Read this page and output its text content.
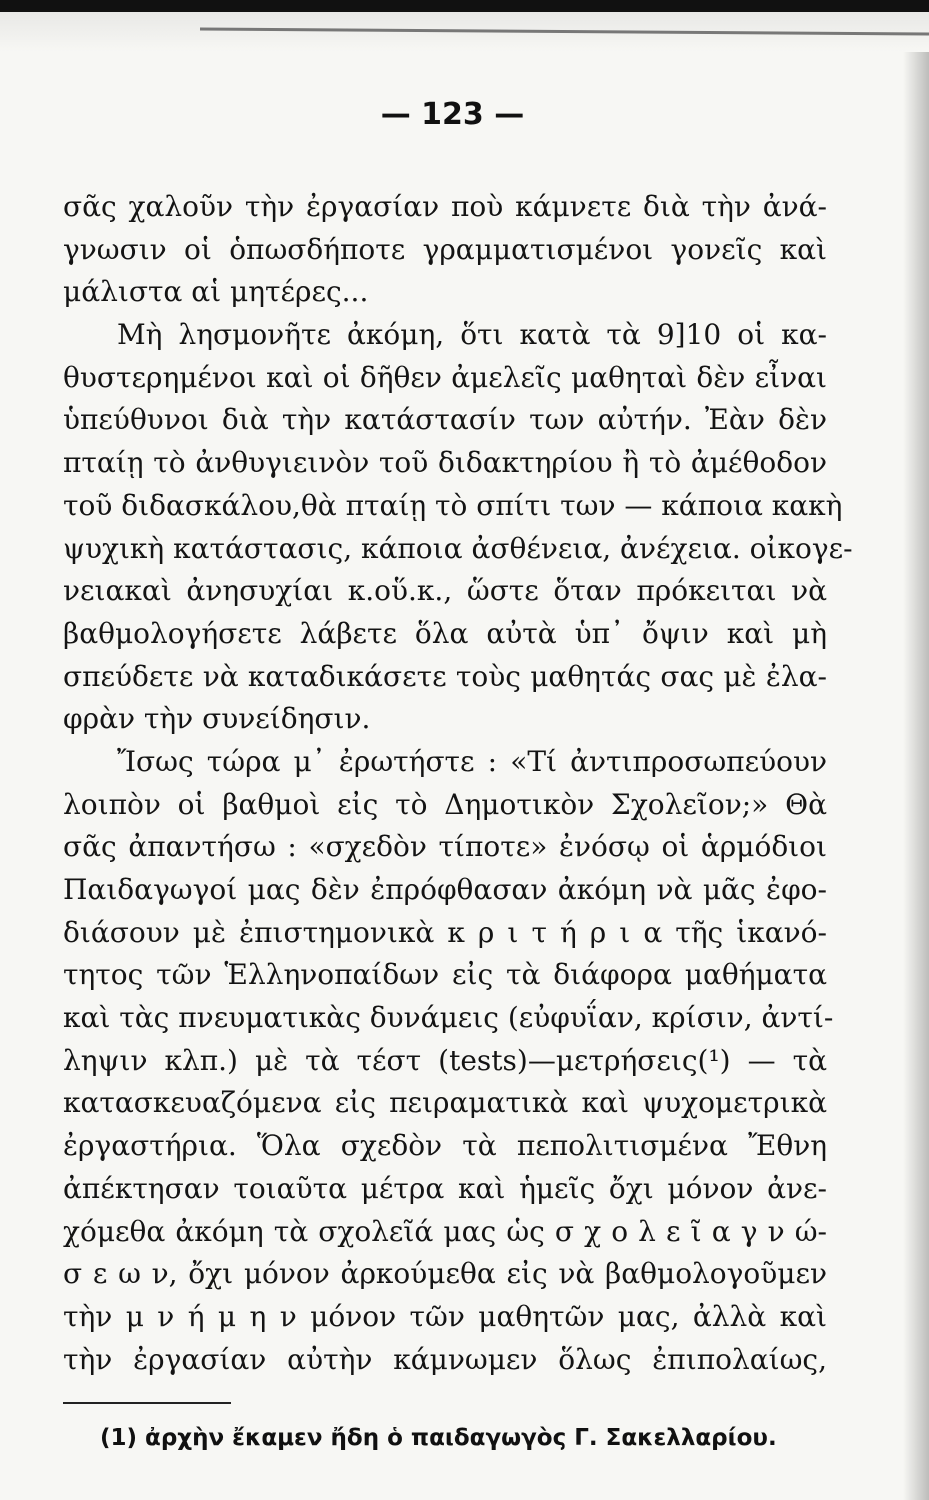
— 123 —
σᾶς χαλοῦν τὴν ἐργασίαν ποὺ κάμνετε διὰ τὴν ἀνά-
γνωσιν οἱ ὁπωσδήποτε γραμματισμένοι γονεῖς καὶ
μάλιστα αἱ μητέρες...
Μὴ λησμονῆτε ἀκόμη, ὅτι κατὰ τὰ 9]10 οἱ κα-
θυστερημένοι καὶ οἱ δῆθεν ἀμελεῖς μαθηταὶ δὲν εἶναι
ὑπεύθυνοι διὰ τὴν κατάστασίν των αὐτήν. Ἐὰν δὲν
πταίῃ τὸ ἀνθυγιεινὸν τοῦ διδακτηρίου ἢ τὸ ἀμέθοδον
τοῦ διδασκάλου,θὰ πταίῃ τὸ σπίτι των — κάποια κακὴ
ψυχικὴ κατάστασις, κάποια ἀσθένεια, ἀνέχεια. οἰκογε-
νειακαὶ ἀνησυχίαι κ.οὕ.κ., ὥστε ὅταν πρόκειται νὰ
βαθμολογήσετε λάβετε ὅλα αὐτὰ ὑπ᾽ ὄψιν καὶ μὴ
σπεύδετε νὰ καταδικάσετε τοὺς μαθητάς σας μὲ ἐλα-
φρὰν τὴν συνείδησιν.
Ἴσως τώρα μ᾽ ἐρωτήστε : «Τί ἀντιπροσωπεύουν
λοιπὸν οἱ βαθμοὶ εἰς τὸ Δημοτικὸν Σχολεῖον;» Θὰ
σᾶς ἀπαντήσω : «σχεδὸν τίποτε» ἐνόσῳ οἱ ἁρμόδιοι
Παιδαγωγοί μας δὲν ἐπρόφθασαν ἀκόμη νὰ μᾶς ἐφο-
διάσουν μὲ ἐπιστημονικὰ κ ρ ι τ ή ρ ι α τῆς ἱκανό-
τητος τῶν Ἑλληνοπαίδων εἰς τὰ διάφορα μαθήματα
καὶ τὰς πνευματικὰς δυνάμεις (εὐφυΐαν, κρίσιν, ἀντί-
ληψιν κλπ.) μὲ τὰ τέστ (tests)—μετρήσεις(¹) — τὰ
κατασκευαζόμενα εἰς πειραματικὰ καὶ ψυχομετρικὰ
ἐργαστήρια. Ὅλα σχεδὸν τὰ πεπολιτισμένα Ἔθνη
ἀπέκτησαν τοιαῦτα μέτρα καὶ ἡμεῖς ὄχι μόνον ἀνε-
χόμεθα ἀκόμη τὰ σχολεῖά μας ὡς σ χ ο λ ε ῖ α γ ν ώ-
σ ε ω ν, ὄχι μόνον ἀρκούμεθα εἰς νὰ βαθμολογοῦμεν
τὴν μ ν ή μ η ν μόνον τῶν μαθητῶν μας, ἀλλὰ καὶ
τὴν ἐργασίαν αὐτὴν κάμνωμεν ὅλως ἐπιπολαίως,
(1) ἀρχὴν ἔκαμεν ἤδη ὁ παιδαγωγὸς Γ. Σακελλαρίου.
